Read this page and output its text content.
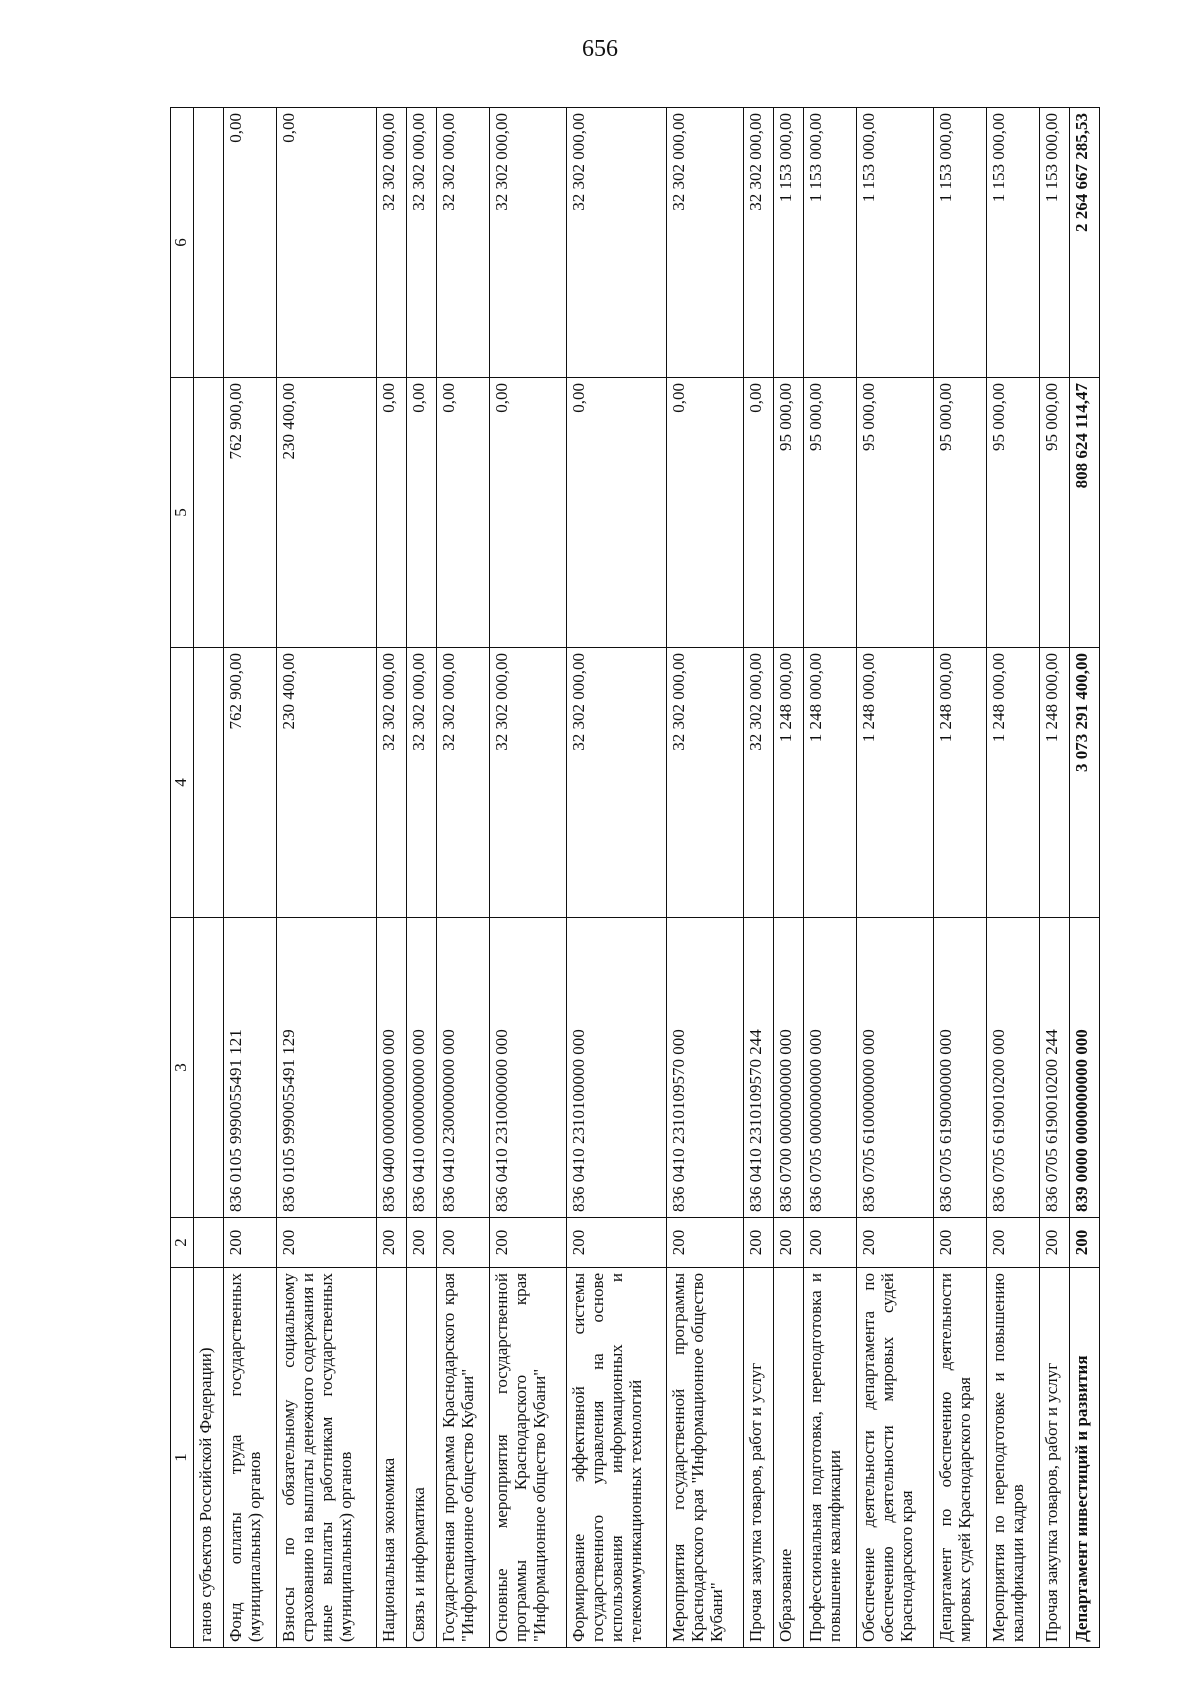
656
1	2	3	4	5	6
ганов субъектов Российской Федерации)					
Фонд оплаты труда государственных (муниципальных) органов	200	836 0105 9990055491 121	762 900,00	762 900,00	0,00
Взносы по обязательному социальному страхованию на выплаты денежного содержания и иные выплаты работникам государственных (муниципальных) органов	200	836 0105 9990055491 129	230 400,00	230 400,00	0,00
Национальная экономика	200	836 0400 0000000000 000	32 302 000,00	0,00	32 302 000,00
Связь и информатика	200	836 0410 0000000000 000	32 302 000,00	0,00	32 302 000,00
Государственная программа Краснодарского края "Информационное общество Кубани"	200	836 0410 2300000000 000	32 302 000,00	0,00	32 302 000,00
Основные мероприятия государственной программы Краснодарского края "Информационное общество Кубани"	200	836 0410 2310000000 000	32 302 000,00	0,00	32 302 000,00
Формирование эффективной системы государственного управления на основе использования информационных и телекоммуникационных технологий	200	836 0410 2310100000 000	32 302 000,00	0,00	32 302 000,00
Мероприятия государственной программы Краснодарского края "Информационное общество Кубани"	200	836 0410 2310109570 000	32 302 000,00	0,00	32 302 000,00
Прочая закупка товаров, работ и услуг	200	836 0410 2310109570 244	32 302 000,00	0,00	32 302 000,00
Образование	200	836 0700 0000000000 000	1 248 000,00	95 000,00	1 153 000,00
Профессиональная подготовка, переподготовка и повышение квалификации	200	836 0705 0000000000 000	1 248 000,00	95 000,00	1 153 000,00
Обеспечение деятельности департамента по обеспечению деятельности мировых судей Краснодарского края	200	836 0705 6100000000 000	1 248 000,00	95 000,00	1 153 000,00
Департамент по обеспечению деятельности мировых судей Краснодарского края	200	836 0705 6190000000 000	1 248 000,00	95 000,00	1 153 000,00
Мероприятия по переподготовке и повышению квалификации кадров	200	836 0705 6190010200 000	1 248 000,00	95 000,00	1 153 000,00
Прочая закупка товаров, работ и услуг	200	836 0705 6190010200 244	1 248 000,00	95 000,00	1 153 000,00
Департамент инвестиций и развития	200	839 0000 0000000000 000	3 073 291 400,00	808 624 114,47	2 264 667 285,53
